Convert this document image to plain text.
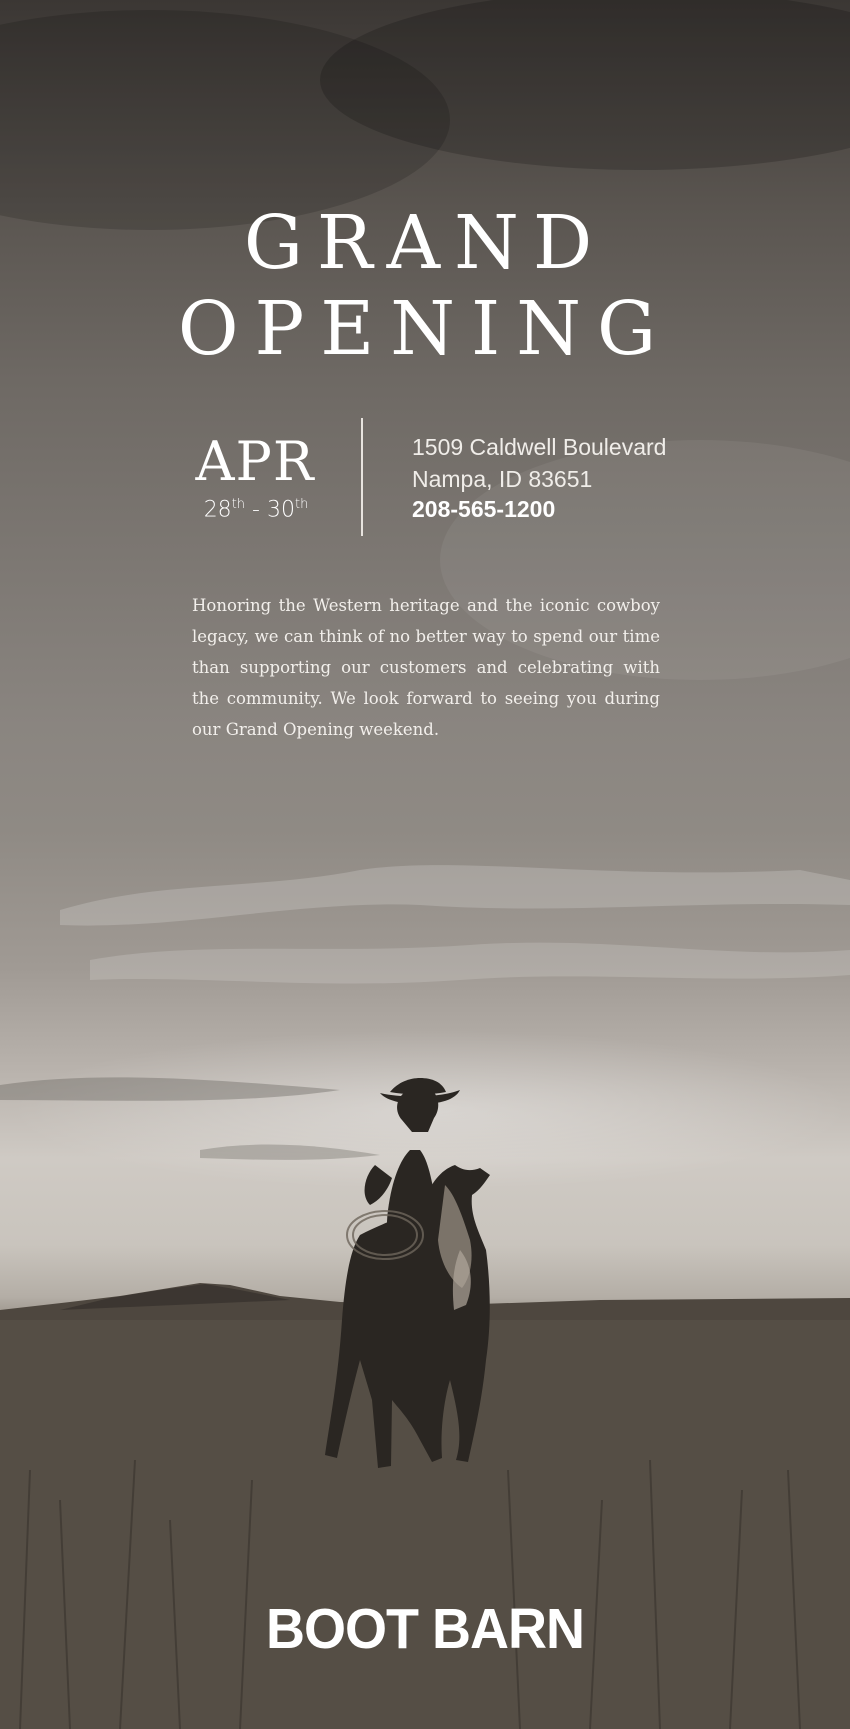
GRAND
OPENING
APR
28th - 30th
1509 Caldwell Boulevard
Nampa, ID 83651
208-565-1200
Honoring the Western heritage and the iconic cowboy legacy, we can think of no better way to spend our time than supporting our customers and celebrating with the community. We look forward to seeing you during our Grand Opening weekend.
BOOT BARN
